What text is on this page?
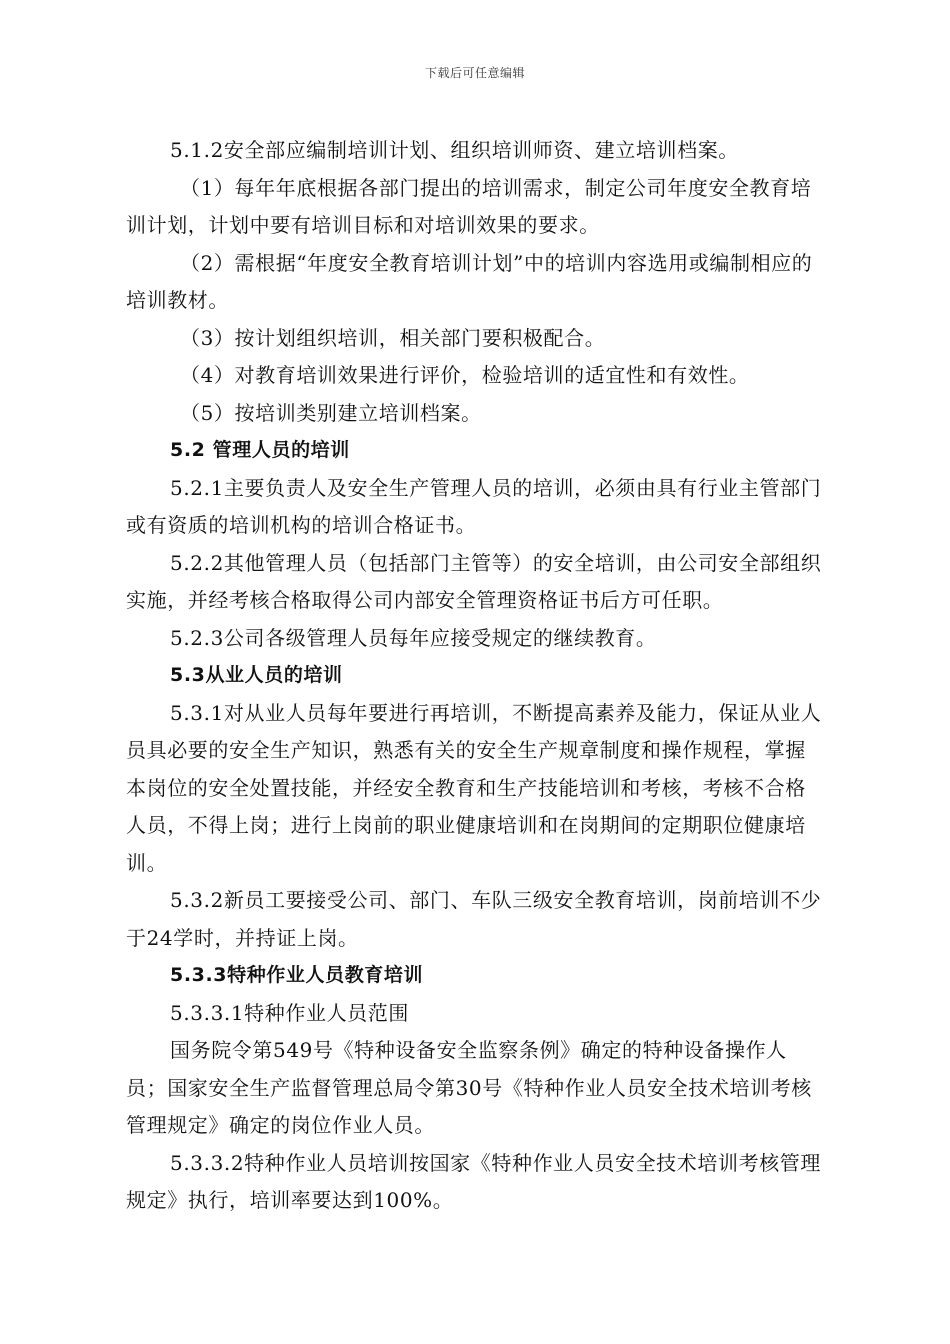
下载后可任意编辑

5.1.2安全部应编制培训计划、组织培训师资、建立培训档案。

（1）每年年底根据各部门提出的培训需求，制定公司年度安全教育培训计划，计划中要有培训目标和对培训效果的要求。

（2）需根据“年度安全教育培训计划”中的培训内容选用或编制相应的培训教材。

（3）按计划组织培训，相关部门要积极配合。

（4）对教育培训效果进行评价，检验培训的适宜性和有效性。

（5）按培训类别建立培训档案。

5.2 管理人员的培训

5.2.1主要负责人及安全生产管理人员的培训，必须由具有行业主管部门或有资质的培训机构的培训合格证书。

5.2.2其他管理人员（包括部门主管等）的安全培训，由公司安全部组织实施，并经考核合格取得公司内部安全管理资格证书后方可任职。

5.2.3公司各级管理人员每年应接受规定的继续教育。

5.3从业人员的培训

5.3.1对从业人员每年要进行再培训，不断提高素养及能力，保证从业人员具必要的安全生产知识，熟悉有关的安全生产规章制度和操作规程，掌握本岗位的安全处置技能，并经安全教育和生产技能培训和考核，考核不合格人员，不得上岗；进行上岗前的职业健康培训和在岗期间的定期职位健康培训。

5.3.2新员工要接受公司、部门、车队三级安全教育培训，岗前培训不少于24学时，并持证上岗。

5.3.3特种作业人员教育培训

5.3.3.1特种作业人员范围

国务院令第549号《特种设备安全监察条例》确定的特种设备操作人员；国家安全生产监督管理总局令第30号《特种作业人员安全技术培训考核管理规定》确定的岗位作业人员。

5.3.3.2特种作业人员培训按国家《特种作业人员安全技术培训考核管理规定》执行，培训率要达到100%。
